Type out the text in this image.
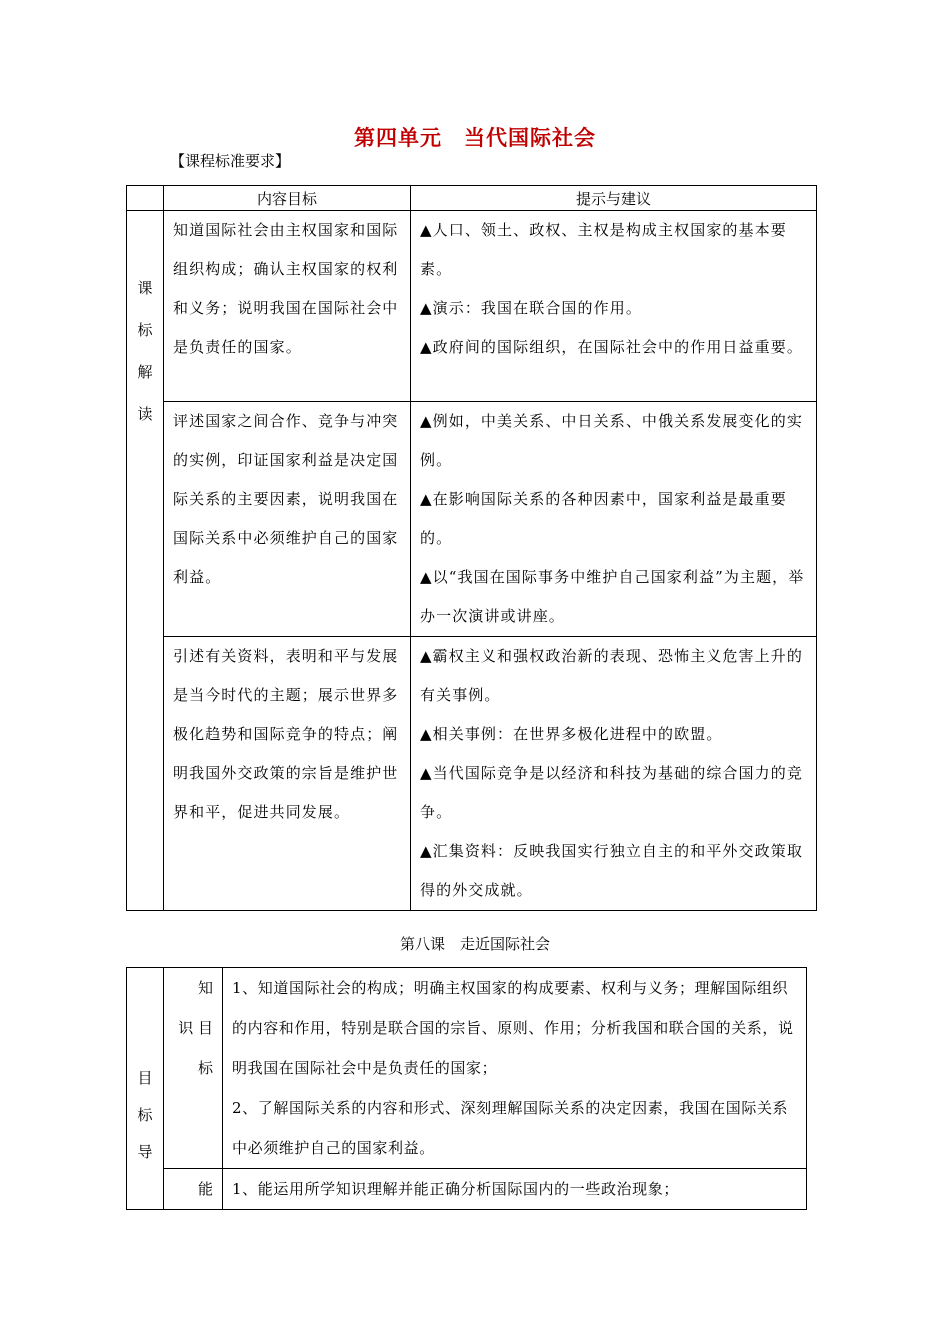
第四单元　当代国际社会
【课程标准要求】
	内容目标	提示与建议

课
标
解
读	知道国际社会由主权国家和国际组织构成；确认主权国家的权利和义务；说明我国在国际社会中是负责任的国家。	▲人口、领土、政权、主权是构成主权国家的基本要素。
▲演示：我国在联合国的作用。
▲政府间的国际组织，在国际社会中的作用日益重要。

	评述国家之间合作、竞争与冲突的实例，印证国家利益是决定国际关系的主要因素，说明我国在国际关系中必须维护自己的国家利益。	▲例如，中美关系、中日关系、中俄关系发展变化的实例。
▲在影响国际关系的各种因素中，国家利益是最重要的。
▲以“我国在国际事务中维护自己国家利益”为主题，举办一次演讲或讲座。

	引述有关资料，表明和平与发展是当今时代的主题；展示世界多极化趋势和国际竞争的特点；阐明我国外交政策的宗旨是维护世界和平，促进共同发展。	▲霸权主义和强权政治新的表现、恐怖主义危害上升的有关事例。
▲相关事例：在世界多极化进程中的欧盟。
▲当代国际竞争是以经济和科技为基础的综合国力的竞争。
▲汇集资料：反映我国实行独立自主的和平外交政策取得的外交成就。
第八课　走近国际社会
目
标
导	知
识 目
标	1、知道国际社会的构成；明确主权国家的构成要素、权利与义务；理解国际组织的内容和作用，特别是联合国的宗旨、原则、作用；分析我国和联合国的关系，说明我国在国际社会中是负责任的国家；
2、了解国际关系的内容和形式、深刻理解国际关系的决定因素，我国在国际关系中必须维护自己的国家利益。

	能	1、能运用所学知识理解并能正确分析国际国内的一些政治现象；
